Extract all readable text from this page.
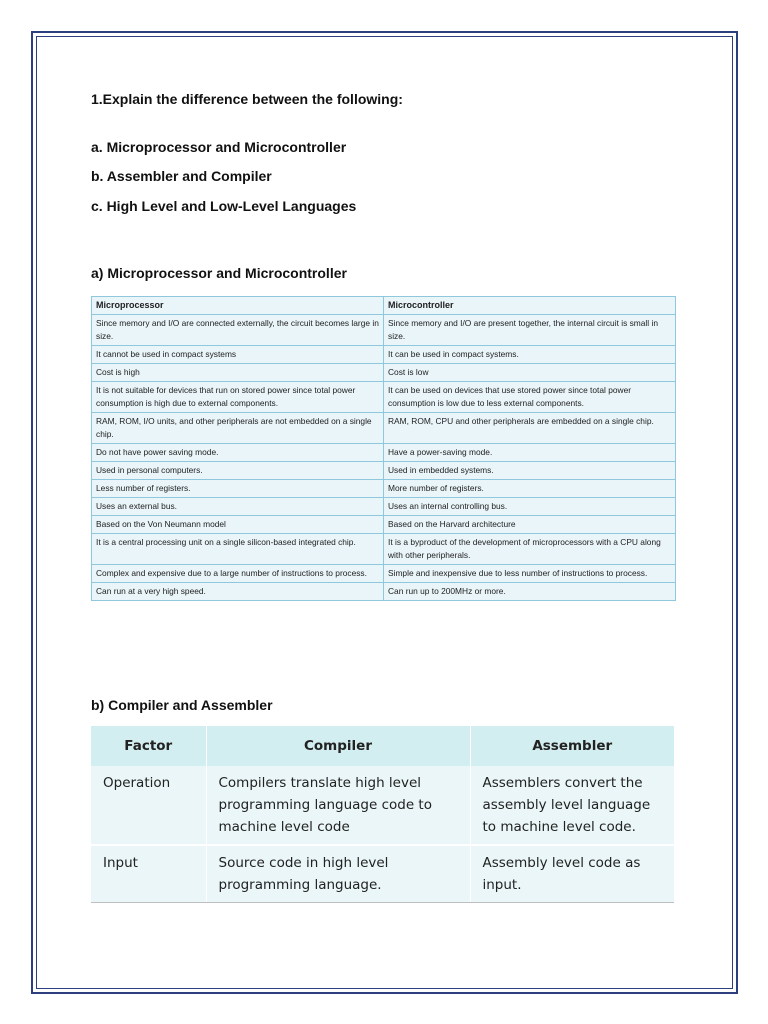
1.Explain the difference between the following:
a. Microprocessor and Microcontroller
b. Assembler and Compiler
c. High Level and Low-Level Languages
a) Microprocessor and Microcontroller
Microprocessor	Microcontroller
Since memory and I/O are connected externally, the circuit becomes large in size.	Since memory and I/O are present together, the internal circuit is small in size.
It cannot be used in compact systems	It can be used in compact systems.
Cost is high	Cost is low
It is not suitable for devices that run on stored power since total power consumption is high due to external components.	It can be used on devices that use stored power since total power consumption is low due to less external components.
RAM, ROM, I/O units, and other peripherals are not embedded on a single chip.	RAM, ROM, CPU and other peripherals are embedded on a single chip.
Do not have power saving mode.	Have a power-saving mode.
Used in personal computers.	Used in embedded systems.
Less number of registers.	More number of registers.
Uses an external bus.	Uses an internal controlling bus.
Based on the Von Neumann model	Based on the Harvard architecture
It is a central processing unit on a single silicon-based integrated chip.	It is a byproduct of the development of microprocessors with a CPU along with other peripherals.
Complex and expensive due to a large number of instructions to process.	Simple and inexpensive due to less number of instructions to process.
Can run at a very high speed.	Can run up to 200MHz or more.
b) Compiler and Assembler
Factor	Compiler	Assembler
Operation	Compilers translate high level programming language code to machine level code	Assemblers convert the assembly level language to machine level code.
Input	Source code in high level programming language.	Assembly level code as input.
